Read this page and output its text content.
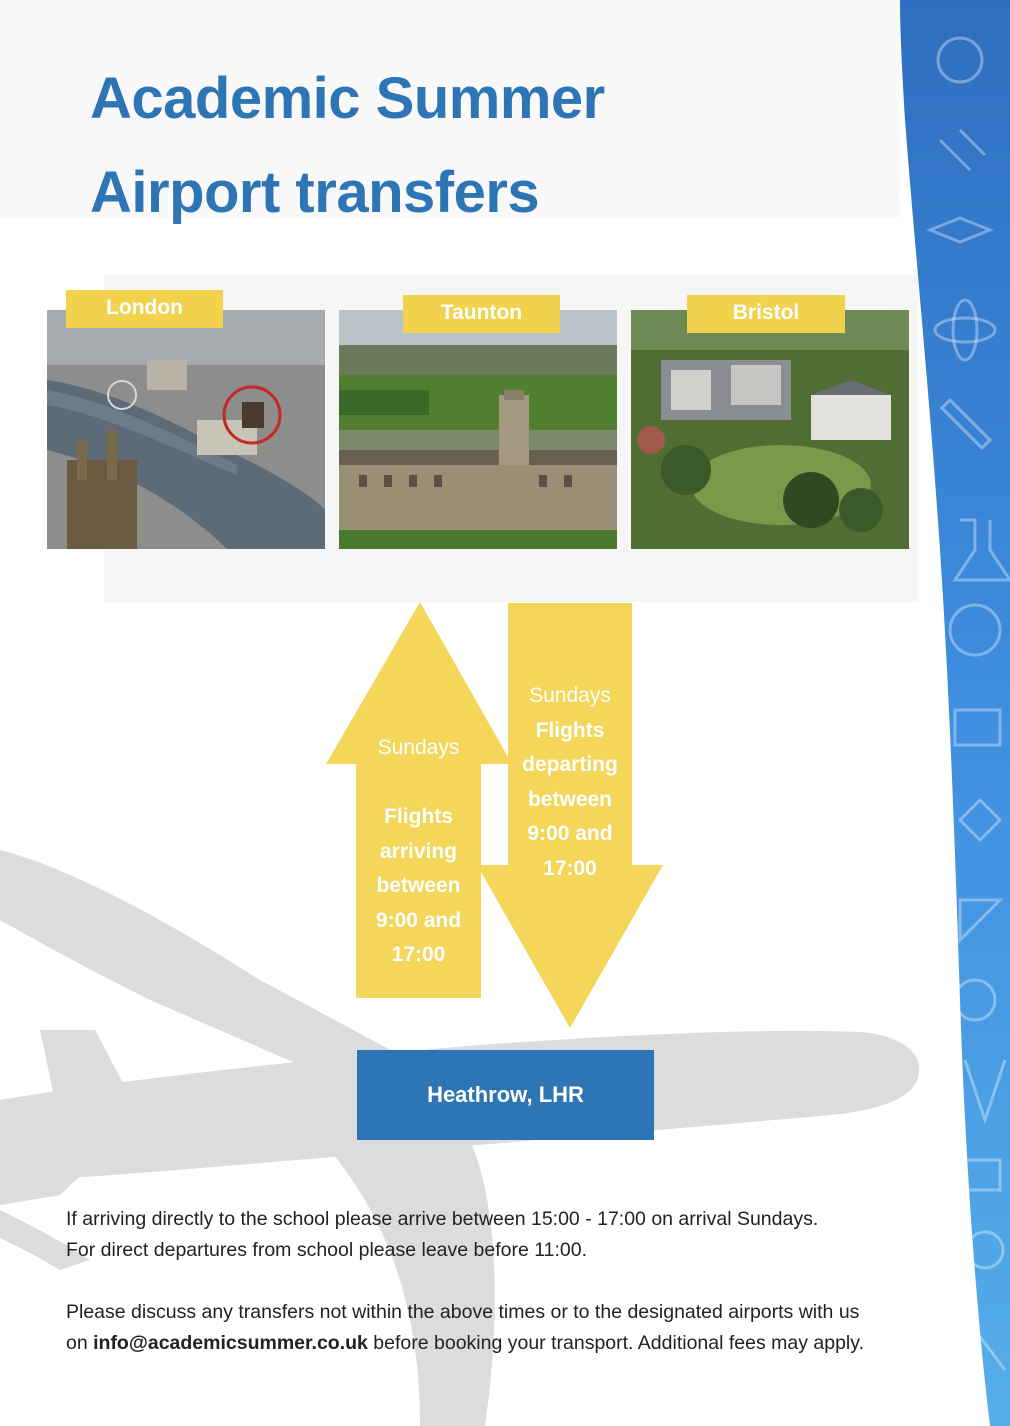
Academic Summer
Airport transfers
London	Taunton	Bristol
Sundays
Flights
arriving
between
9:00 and
17:00
Sundays
Flights
departing
between
9:00 and
17:00
Heathrow, LHR

If arriving directly to the school please arrive between 15:00 - 17:00 on arrival Sundays.
For direct departures from school please leave before 11:00.

Please discuss any transfers not within the above times or to the designated airports with us on info@academicsummer.co.uk before booking your transport. Additional fees may apply.
